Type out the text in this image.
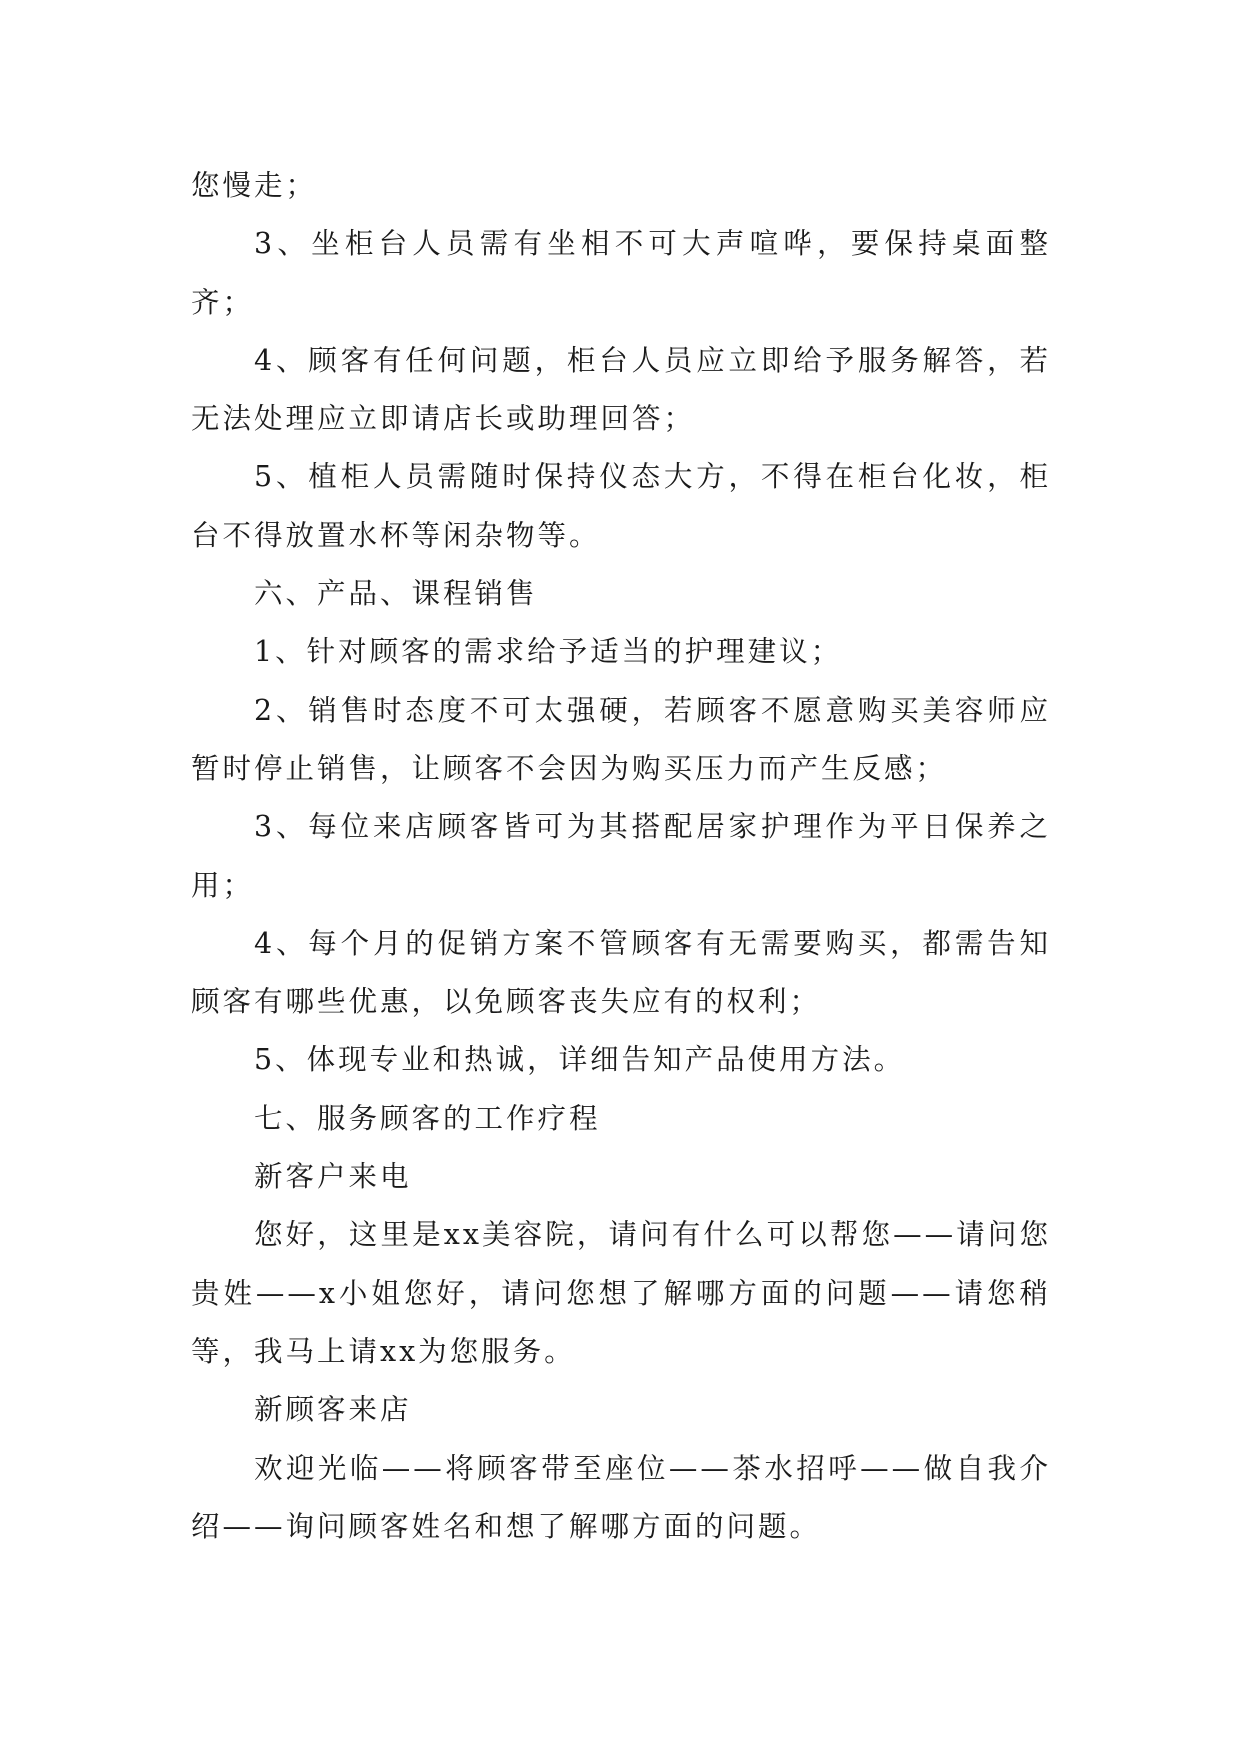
您慢走；

3、坐柜台人员需有坐相不可大声喧哗，要保持桌面整齐；

4、顾客有任何问题，柜台人员应立即给予服务解答，若无法处理应立即请店长或助理回答；

5、植柜人员需随时保持仪态大方，不得在柜台化妆，柜台不得放置水杯等闲杂物等。

六、产品、课程销售

1、针对顾客的需求给予适当的护理建议；

2、销售时态度不可太强硬，若顾客不愿意购买美容师应暂时停止销售，让顾客不会因为购买压力而产生反感；

3、每位来店顾客皆可为其搭配居家护理作为平日保养之用；

4、每个月的促销方案不管顾客有无需要购买，都需告知顾客有哪些优惠，以免顾客丧失应有的权利；

5、体现专业和热诚，详细告知产品使用方法。

七、服务顾客的工作疗程

新客户来电

您好，这里是xx美容院，请问有什么可以帮您——请问您贵姓——x小姐您好，请问您想了解哪方面的问题——请您稍等，我马上请xx为您服务。

新顾客来店

欢迎光临——将顾客带至座位——茶水招呼——做自我介绍——询问顾客姓名和想了解哪方面的问题。
